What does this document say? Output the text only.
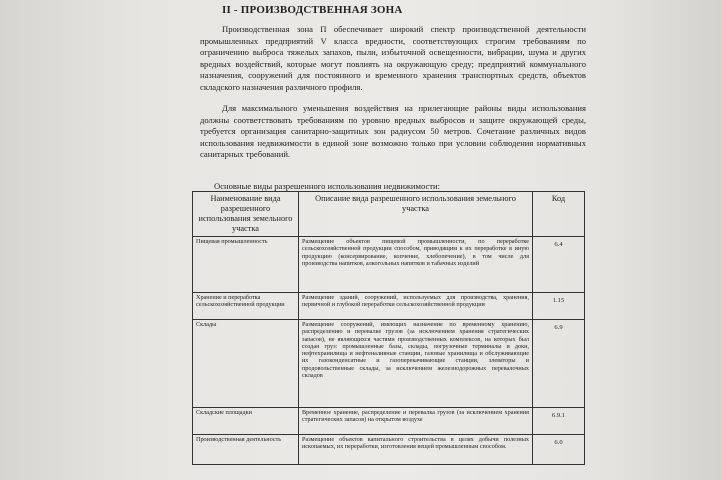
II - ПРОИЗВОДСТВЕННАЯ ЗОНА
Производственная зона П обеспечивает широкий спектр производственной деятельности промышленных предприятий V класса вредности, соответствующих строгим требованиям по ограничению выброса тяжелых запахов, пыли, избыточной освещенности, вибрации, шума и других вредных воздействий, которые могут повлиять на окружающую среду; предприятий коммунального назначения, сооружений для постоянного и временного хранения транспортных средств, объектов складского назначения различного профиля.
Для максимального уменьшения воздействия на прилегающие районы виды использования должны соответствовать требованиям по уровню вредных выбросов и защите окружающей среды, требуется организация санитарно-защитных зон радиусом 50 метров. Сочетание различных видов использования недвижимости в единой зоне возможно только при условии соблюдения нормативных санитарных требований.
Основные виды разрешенного использования недвижимости:
Наименование вида разрешенного использования земельного участка	Описание вида разрешенного использования земельного участка	Код
Пищевая промышленность	Размещение объектов пищевой промышленности, по переработке сельскохозяйственной продукции способом, приводящим к их переработке в иную продукцию (консервирование, копчение, хлебопечение), в том числе для производства напитков, алкогольных напитков и табачных изделий	6.4
Хранение и переработка сельскохозяйственной продукции	Размещение зданий, сооружений, используемых для производства, хранения, первичной и глубокой переработки сельскохозяйственной продукции	1.15
Склады	Размещение сооружений, имеющих назначение по временному хранению, распределению и перевалке грузов (за исключением хранения стратегических запасов), не являющихся частями производственных комплексов, на которых был создан груз: промышленные базы, склады, погрузочные терминалы и доки, нефтехранилища и нефтеналивные станции, газовые хранилища и обслуживающие их газоконденсатные и газоперекачивающие станции, элеваторы и продовольственные склады, за исключением железнодорожных перевалочных складов	6.9
Складские площадки	Временное хранение, распределение и перевалка грузов (за исключением хранения стратегических запасов) на открытом воздухе	6.9.1
Производственная деятельность	Размещение объектов капитального строительства в целях добычи полезных ископаемых, их переработки, изготовления вещей промышленным способом.	6.0
